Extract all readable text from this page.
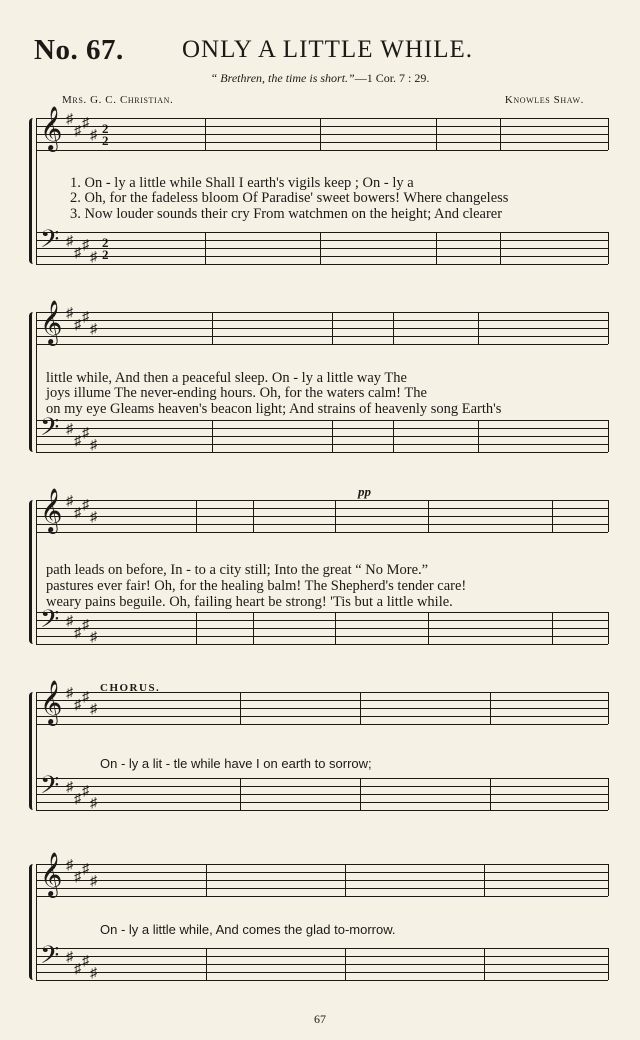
No. 67. ONLY A LITTLE WHILE.
“ Brethren, the time is short.”—1 Cor. 7 : 29.
Mrs. G. C. Christian.	Knowles Shaw.
𝄞 ♯
♯
♯
♯ 2
2
𝄢 ♯
♯
♯
♯
2
2
𝄞 ♯
♯
♯
♯
𝄢 ♯
♯
♯
♯
𝄞 ♯
♯
♯
♯
𝄢 ♯
♯
♯
♯
𝄞 ♯
♯
♯
♯
𝄢 ♯
♯
♯
♯
𝄞 ♯
♯
♯
♯
𝄢 ♯
♯
♯
♯
CHORUS.
pp
1. On - ly a little while Shall I earth's vigils keep ; On - ly a
2. Oh, for the fadeless bloom Of Paradise' sweet bowers! Where changeless
3. Now louder sounds their cry From watchmen on the height; And clearer
little while, And then a peaceful sleep. On - ly a little way The
joys illume The never-ending hours. Oh, for the waters calm! The
on my eye Gleams heaven's beacon light; And strains of heavenly song Earth's
path leads on before, In - to a city still; Into the great “ No More.”
pastures ever fair! Oh, for the healing balm! The Shepherd's tender care!
weary pains beguile. Oh, failing heart be strong! 'Tis but a little while.
On - ly a lit - tle while have I on earth to sorrow;
On - ly a little while, And comes the glad to-morrow.
67
